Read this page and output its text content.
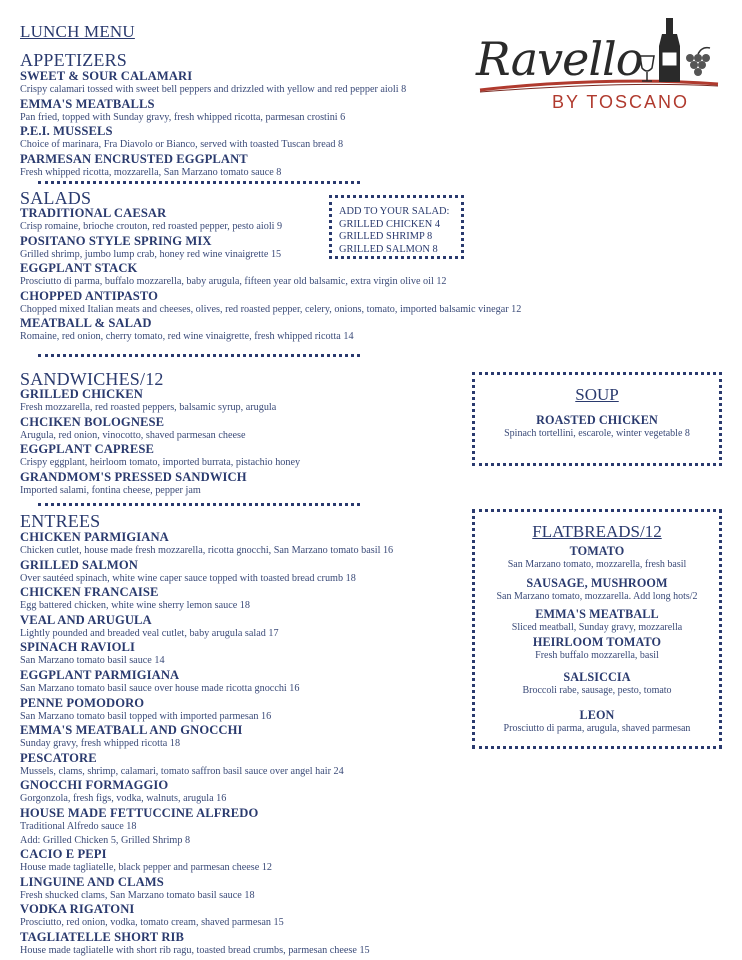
LUNCH MENU
Ravello
BY TOSCANO
APPETIZERS
SWEET & SOUR CALAMARI
Crispy calamari tossed with sweet bell peppers and drizzled with yellow and red pepper aioli 8
EMMA'S MEATBALLS
Pan fried, topped with Sunday gravy, fresh whipped ricotta, parmesan crostini 6
P.E.I. MUSSELS
Choice of marinara, Fra Diavolo or Bianco, served with toasted Tuscan bread 8
PARMESAN ENCRUSTED EGGPLANT
Fresh whipped ricotta, mozzarella, San Marzano tomato sauce 8
SALADS
TRADITIONAL CAESAR
Crisp romaine, brioche crouton, red roasted pepper, pesto aioli 9
POSITANO STYLE SPRING MIX
Grilled shrimp, jumbo lump crab, honey red wine vinaigrette 15
EGGPLANT STACK
Prosciutto di parma, buffalo mozzarella, baby arugula, fifteen year old balsamic, extra virgin olive oil 12
CHOPPED ANTIPASTO
Chopped mixed Italian meats and cheeses, olives, red roasted pepper, celery, onions, tomato, imported balsamic vinegar 12
MEATBALL & SALAD
Romaine, red onion, cherry tomato, red wine vinaigrette, fresh whipped ricotta 14
ADD TO YOUR SALAD:
GRILLED CHICKEN 4
GRILLED SHRIMP 8
GRILLED SALMON 8
SANDWICHES/12
GRILLED CHICKEN
Fresh mozzarella, red roasted peppers, balsamic syrup, arugula
CHCIKEN BOLOGNESE
Arugula, red onion, vinocotto, shaved parmesan cheese
EGGPLANT CAPRESE
Crispy eggplant, heirloom tomato, imported burrata, pistachio honey
GRANDMOM'S PRESSED SANDWICH
Imported salami, fontina cheese, pepper jam
SOUP
ROASTED CHICKEN
Spinach tortellini, escarole, winter vegetable 8
ENTREES
CHICKEN PARMIGIANA
Chicken cutlet, house made fresh mozzarella, ricotta gnocchi, San Marzano tomato basil 16
GRILLED SALMON
Over sautéed spinach, white wine caper sauce topped with toasted bread crumb 18
CHICKEN FRANCAISE
Egg battered chicken, white wine sherry lemon sauce 18
VEAL AND ARUGULA
Lightly pounded and breaded veal cutlet, baby arugula salad 17
SPINACH RAVIOLI
San Marzano tomato basil sauce 14
EGGPLANT PARMIGIANA
San Marzano tomato basil sauce over house made ricotta gnocchi 16
PENNE POMODORO
San Marzano tomato basil topped with imported parmesan 16
EMMA'S MEATBALL AND GNOCCHI
Sunday gravy, fresh whipped ricotta 18
PESCATORE
Mussels, clams, shrimp, calamari, tomato saffron basil sauce over angel hair 24
GNOCCHI FORMAGGIO
Gorgonzola, fresh figs, vodka, walnuts, arugula 16
HOUSE MADE FETTUCCINE ALFREDO
Traditional Alfredo sauce 18
Add: Grilled Chicken 5, Grilled Shrimp 8
CACIO E PEPI
House made tagliatelle, black pepper and parmesan cheese 12
LINGUINE AND CLAMS
Fresh shucked clams, San Marzano tomato basil sauce 18
VODKA RIGATONI
Prosciutto, red onion, vodka, tomato cream, shaved parmesan 15
TAGLIATELLE SHORT RIB
House made tagliatelle with short rib ragu, toasted bread crumbs, parmesan cheese 15
FLATBREADS/12
TOMATO
San Marzano tomato, mozzarella, fresh basil
SAUSAGE, MUSHROOM
San Marzano tomato, mozzarella. Add long hots/2
EMMA'S MEATBALL
Sliced meatball, Sunday gravy, mozzarella
HEIRLOOM TOMATO
Fresh buffalo mozzarella, basil
SALSICCIA
Broccoli rabe, sausage, pesto, tomato
LEON
Prosciutto di parma, arugula, shaved parmesan
